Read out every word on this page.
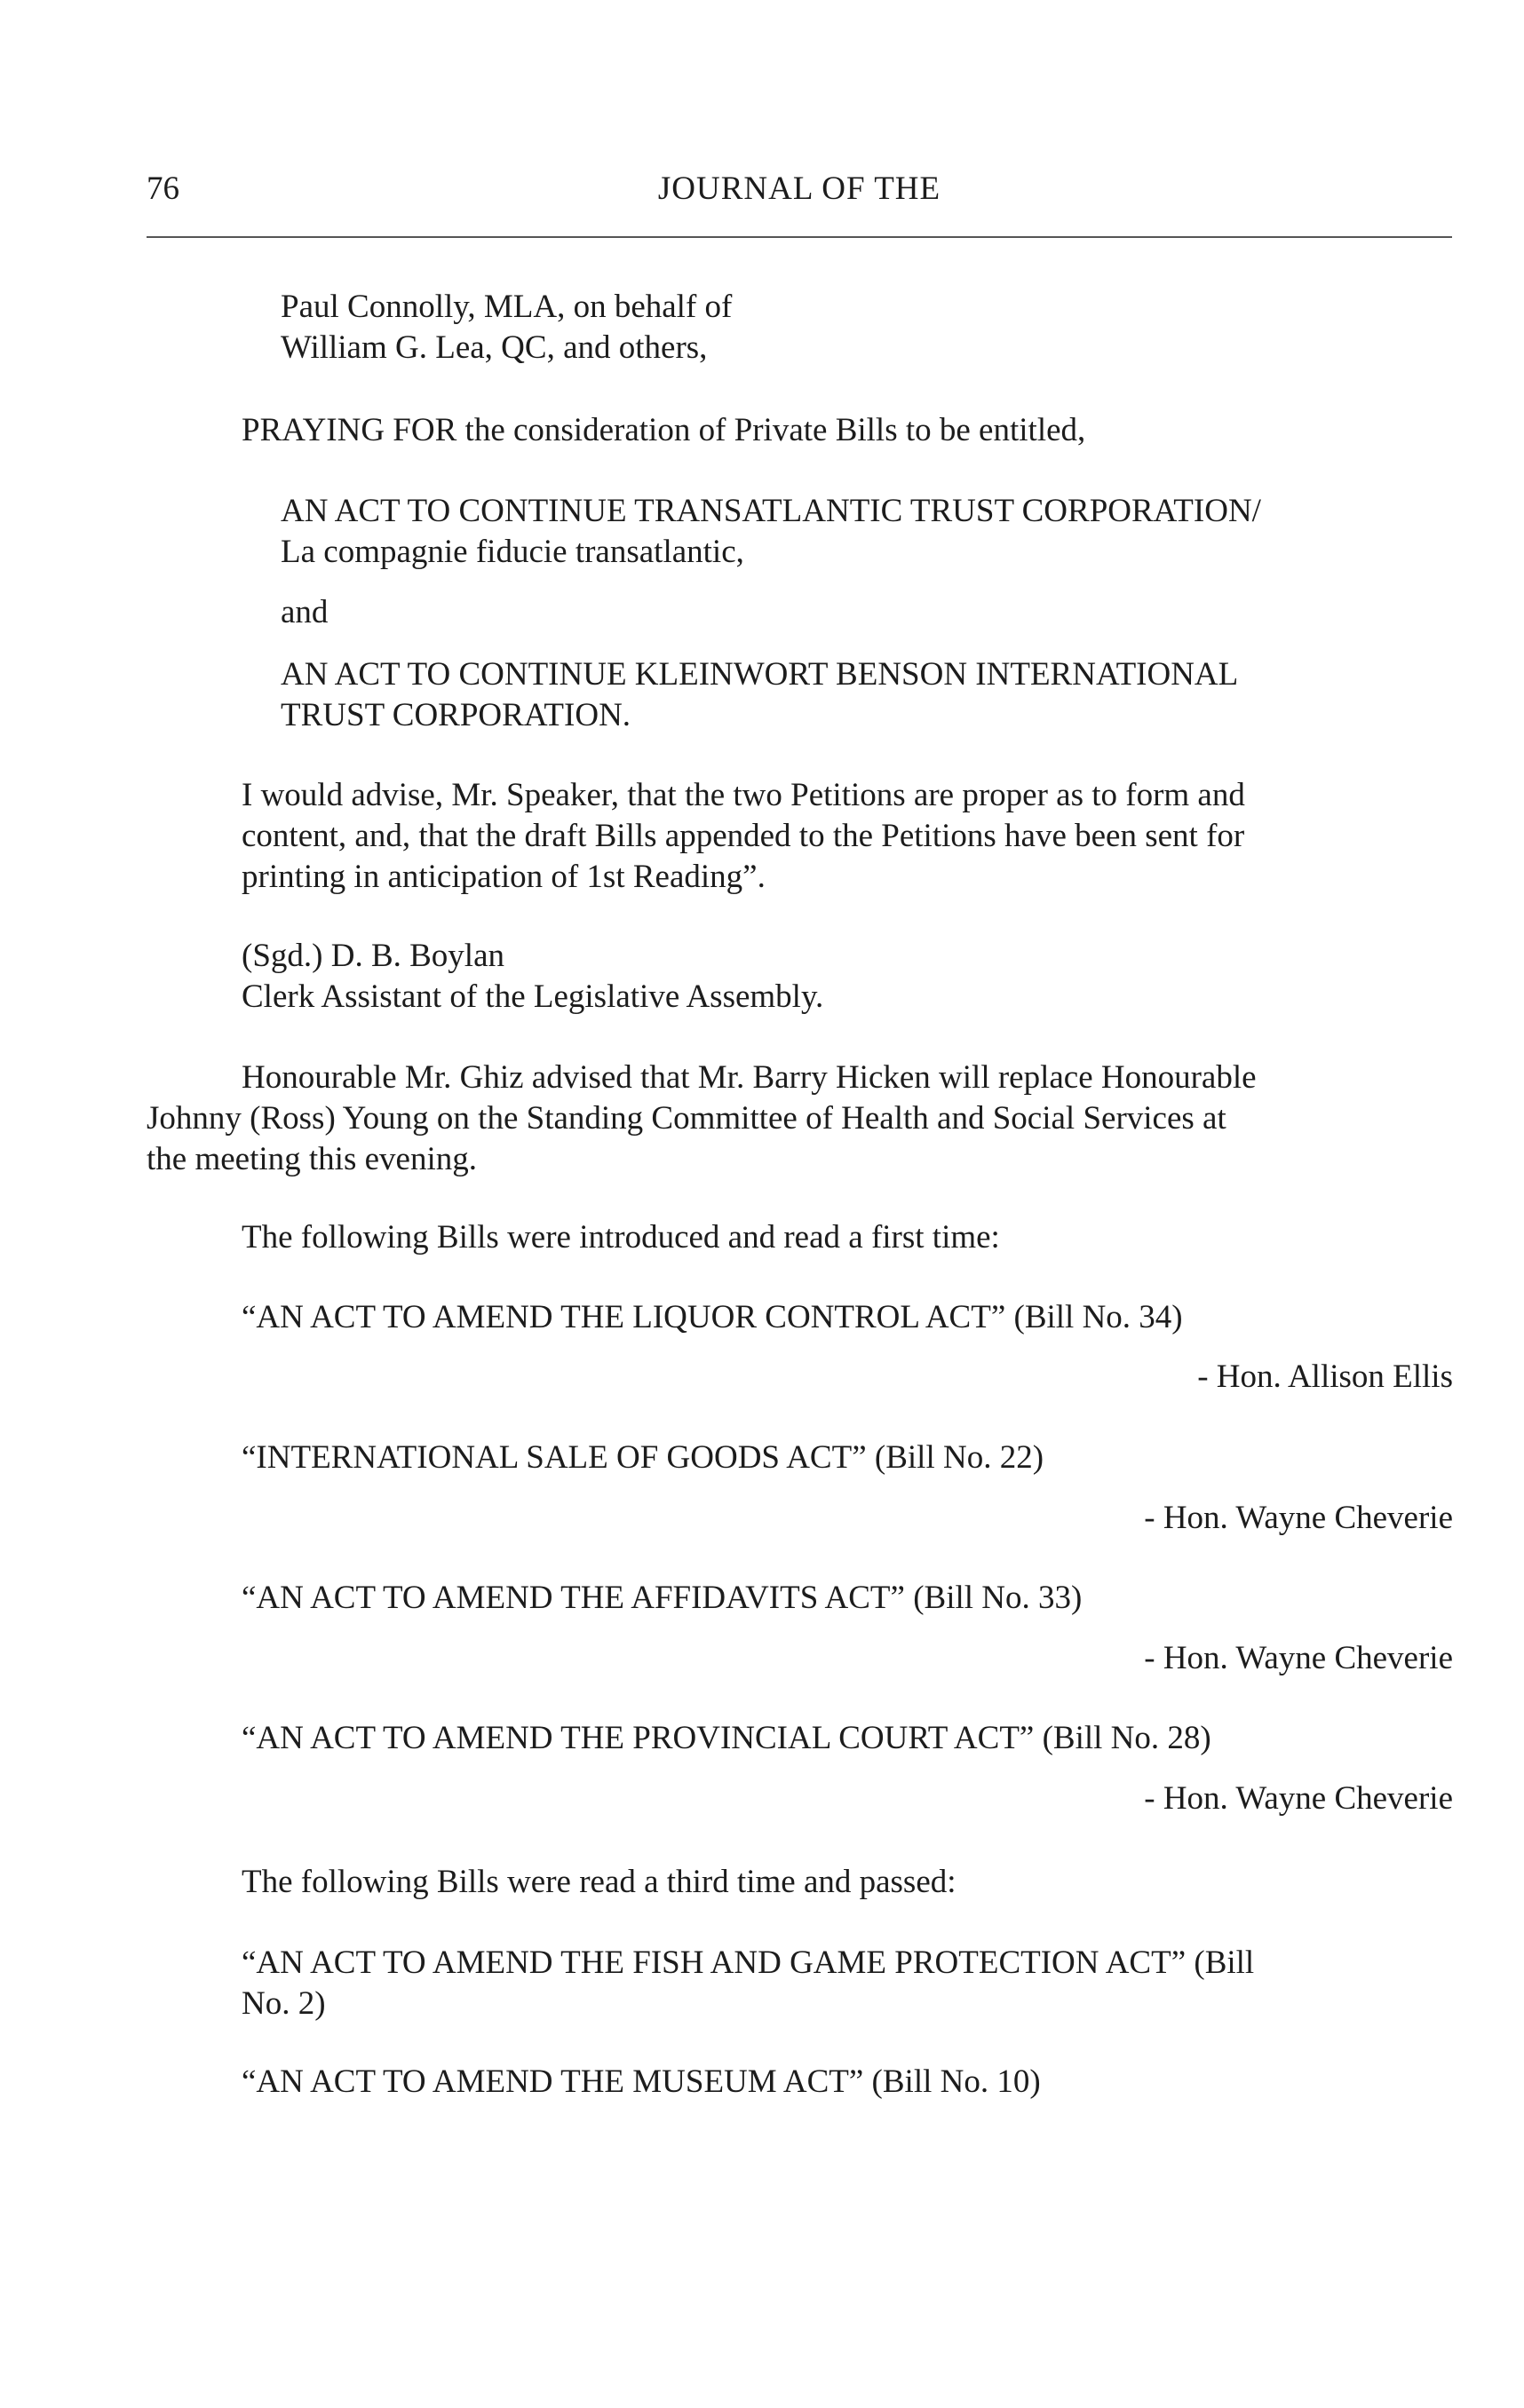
76	JOURNAL OF THE

Paul Connolly, MLA, on behalf of
William G. Lea, QC, and others,

PRAYING FOR the consideration of Private Bills to be entitled,

AN ACT TO CONTINUE TRANSATLANTIC TRUST CORPORATION/
La compagnie fiducie transatlantic,

and

AN ACT TO CONTINUE KLEINWORT BENSON INTERNATIONAL
TRUST CORPORATION.

I would advise, Mr. Speaker, that the two Petitions are proper as to form and
content, and, that the draft Bills appended to the Petitions have been sent for
printing in anticipation of 1st Reading”.

(Sgd.) D. B. Boylan
Clerk Assistant of the Legislative Assembly.

Honourable Mr. Ghiz advised that Mr. Barry Hicken will replace Honourable
Johnny (Ross) Young on the Standing Committee of Health and Social Services at
the meeting this evening.

The following Bills were introduced and read a first time:

“AN ACT TO AMEND THE LIQUOR CONTROL ACT” (Bill No. 34)

- Hon. Allison Ellis

“INTERNATIONAL SALE OF GOODS ACT” (Bill No. 22)

- Hon. Wayne Cheverie

“AN ACT TO AMEND THE AFFIDAVITS ACT” (Bill No. 33)

- Hon. Wayne Cheverie

“AN ACT TO AMEND THE PROVINCIAL COURT ACT” (Bill No. 28)

- Hon. Wayne Cheverie

The following Bills were read a third time and passed:

“AN ACT TO AMEND THE FISH AND GAME PROTECTION ACT” (Bill
No. 2)

“AN ACT TO AMEND THE MUSEUM ACT” (Bill No. 10)
